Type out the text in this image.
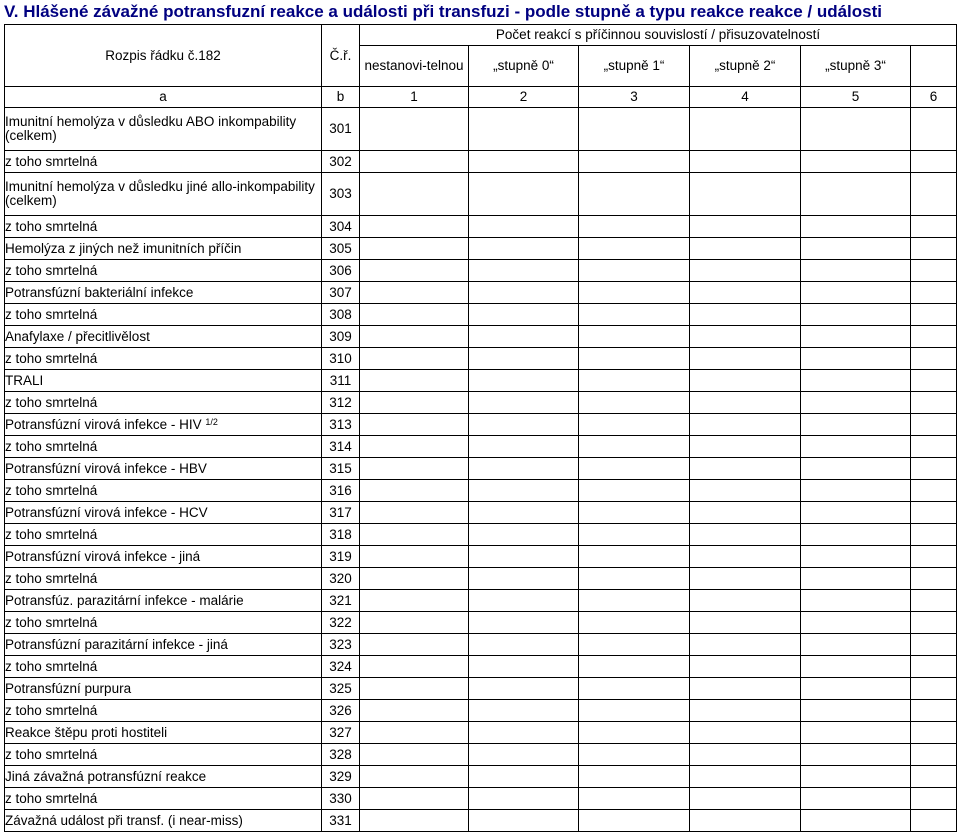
V. Hlášené závažné potransfuzní reakce a události při transfuzi - podle stupně a typu reakce reakce / události
Rozpis řádku č.182	Č.ř.	Počet reakcí s příčinnou souvislostí / přisuzovatelností					
		nestanovi-telnou	„stupně 0“	„stupně 1“	„stupně 2“	„stupně 3“	
a	b	1	2	3	4	5	6
Imunitní hemolýza v důsledku ABO inkompability (celkem)	301						
z toho smrtelná	302						
Imunitní hemolýza v důsledku jiné allo-inkompability (celkem)	303						
z toho smrtelná	304						
Hemolýza z jiných než imunitních příčin	305						
z toho smrtelná	306						
Potransfúzní bakteriální infekce	307						
z toho smrtelná	308						
Anafylaxe / přecitlivělost	309						
z toho smrtelná	310						
TRALI	311						
z toho smrtelná	312						
Potransfúzní virová infekce - HIV $^{1/2}$	313						
z toho smrtelná	314						
Potransfúzní virová infekce - HBV	315						
z toho smrtelná	316						
Potransfúzní virová infekce - HCV	317						
z toho smrtelná	318						
Potransfúzní virová infekce - jiná	319						
z toho smrtelná	320						
Potransfúz. parazitární infekce - malárie	321						
z toho smrtelná	322						
Potransfúzní parazitární infekce - jiná	323						
z toho smrtelná	324						
Potransfúzní purpura	325						
z toho smrtelná	326						
Reakce štěpu proti hostiteli	327						
z toho smrtelná	328						
Jiná závažná potransfúzní reakce	329						
z toho smrtelná	330						
Závažná událost při transf. (i near-miss)	331						
